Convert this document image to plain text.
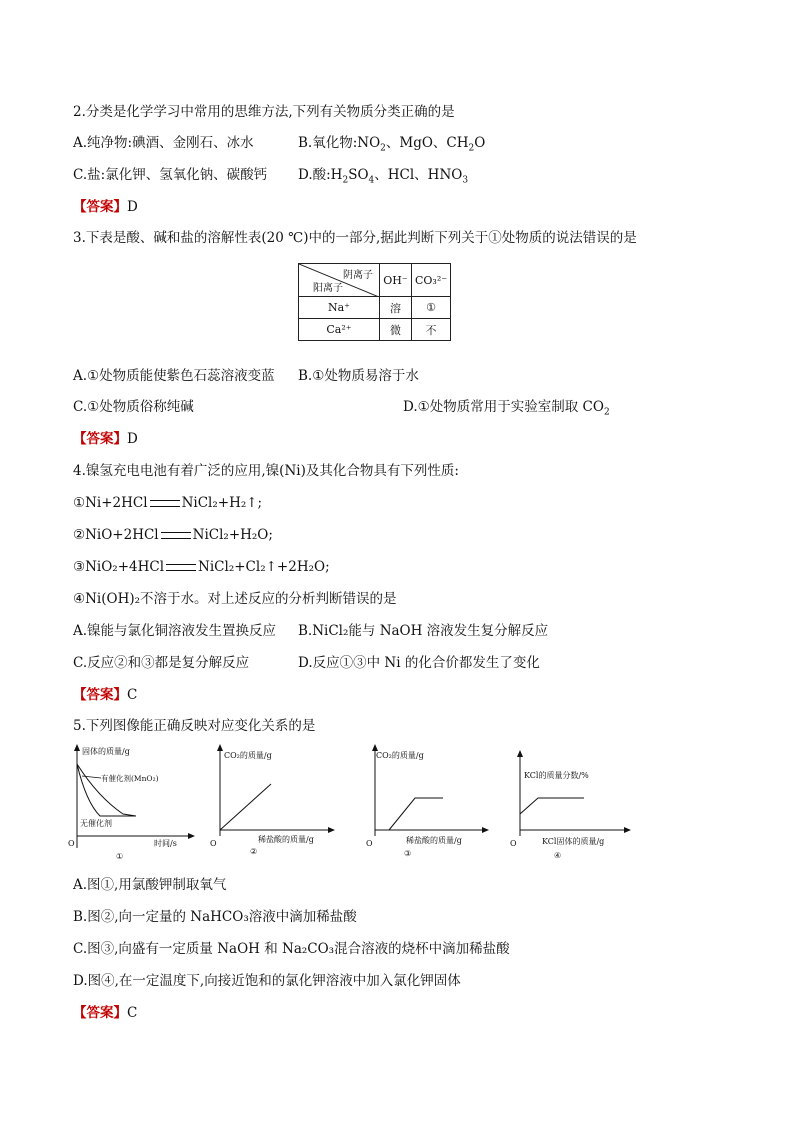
2.分类是化学学习中常用的思维方法,下列有关物质分类正确的是
A.纯净物:碘酒、金刚石、冰水	B.氧化物$:NO_2$、MgO、$CH_2O$
C.盐:氯化钾、氢氧化钠、碳酸钙 D.酸$:H_2SO_4$、HCl、$HNO_3$
【答案】D
3.下表是酸、碱和盐的溶解性表(20 ℃)中的一部分,据此判断下列关于①处物质的说法错误的是
阴离子
阳离子	OH⁻	CO₃²⁻
Na⁺	溶	①
Ca²⁺	微	不
A.①处物质能使紫色石蕊溶液变蓝 B.①处物质易溶于水
C.①处物质俗称纯碱	D.①处物质常用于实验室制取 $CO_2$
【答案】D
4.镍氢充电电池有着广泛的应用,镍(Ni)及其化合物具有下列性质:
①Ni+2HCl	NiCl₂+H₂↑;
②NiO+2HCl	NiCl₂+H₂O;
③NiO₂+4HCl	NiCl₂+Cl₂↑+2H₂O;
④Ni(OH)₂不溶于水。对上述反应的分析判断错误的是
A.镍能与氯化铜溶液发生置换反应 B.NiCl₂能与 NaOH 溶液发生复分解反应
C.反应②和③都是复分解反应	D.反应①③中 Ni 的化合价都发生了变化
【答案】C
5.下列图像能正确反映对应变化关系的是
固体的质量/g
有催化剂(MnO₂)
无催化剂
O	时间/s
①
CO₂的质量/g
O	稀盐酸的质量/g
②
CO₂的质量/g
O	稀盐酸的质量/g
③
KCl的质量分数/%
O	KCl固体的质量/g
④
A.图①,用氯酸钾制取氧气
B.图②,向一定量的 NaHCO₃溶液中滴加稀盐酸
C.图③,向盛有一定质量 NaOH 和 Na₂CO₃混合溶液的烧杯中滴加稀盐酸
D.图④,在一定温度下,向接近饱和的氯化钾溶液中加入氯化钾固体
【答案】C
